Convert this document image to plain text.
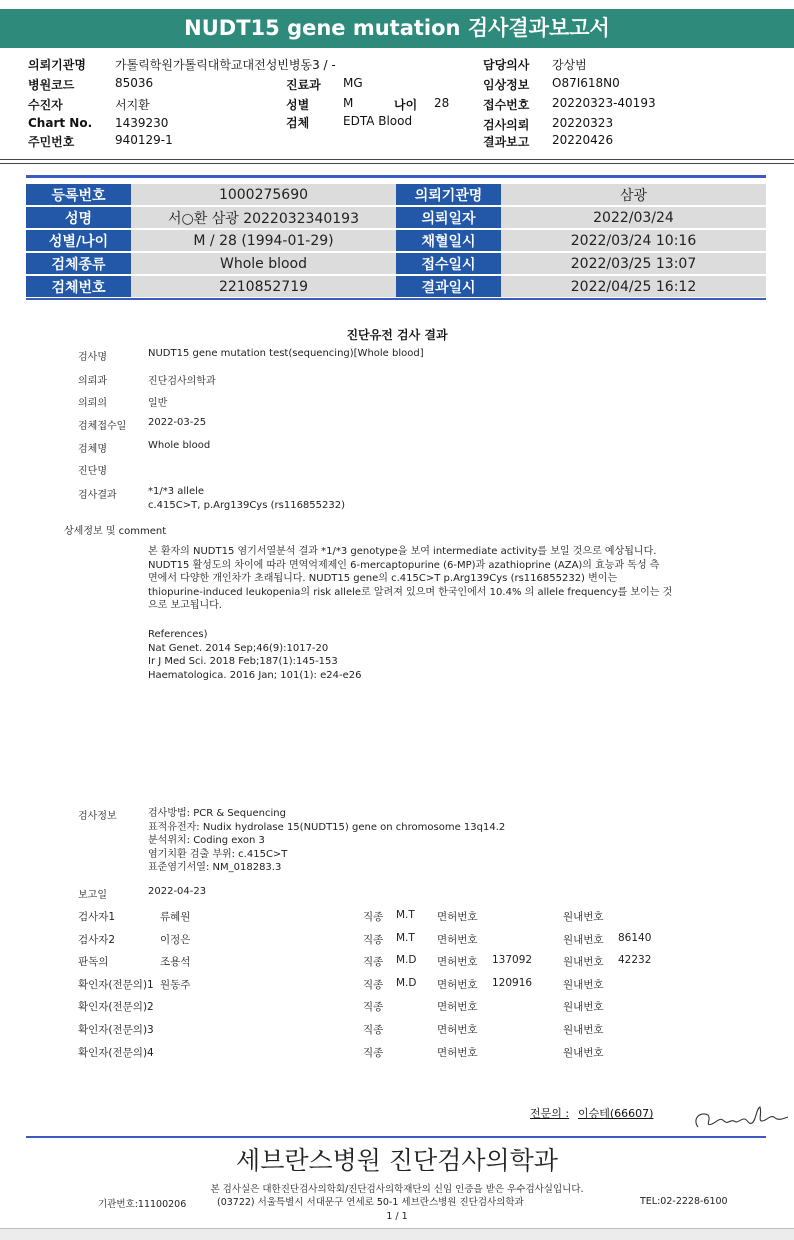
NUDT15 gene mutation 검사결과보고서
의뢰기관명 가톨릭학원가톨릭대학교대전성빈병동3 / -
병원코드	85036
수진자	서지환
Chart No. 1439230
주민번호	940129-1
진료과 MG
성별	M	나이 28
검체	EDTA Blood
담당의사 강상범
임상정보 O87I618N0
접수번호 20220323-40193
검사의뢰 20220323
결과보고 20220426
등록번호	1000275690	의뢰기관명	삼광
성명	서○환 삼광 2022032340193	의뢰일자	2022/03/24
성별/나이	M / 28 (1994-01-29)	채혈일시	2022/03/24 10:16
검체종류	Whole blood	접수일시	2022/03/25 13:07
검체번호	2210852719	결과일시	2022/04/25 16:12
진단유전 검사 결과
검사명	NUDT15 gene mutation test(sequencing)[Whole blood]
의뢰과	진단검사의학과
의뢰의	일반
검체접수일 2022-03-25
검체명	Whole blood
진단명
검사결과	*1/*3 allele
c.415C>T, p.Arg139Cys (rs116855232)
상세정보 및 comment
본 환자의 NUDT15 염기서열분석 결과 *1/*3 genotype을 보여 intermediate activity를 보일 것으로 예상됩니다.
NUDT15 활성도의 차이에 따라 면역억제제인 6-mercaptopurine (6-MP)과 azathioprine (AZA)의 효능과 독성 측
면에서 다양한 개인차가 초래됩니다. NUDT15 gene의 c.415C>T p.Arg139Cys (rs116855232) 변이는
thiopurine-induced leukopenia의 risk allele로 알려져 있으며 한국인에서 10.4% 의 allele frequency를 보이는 것
으로 보고됩니다.
References)
Nat Genet. 2014 Sep;46(9):1017-20
Ir J Med Sci. 2018 Feb;187(1):145-153
Haematologica. 2016 Jan; 101(1): e24-e26
검사정보	검사방법: PCR & Sequencing
표적유전자: Nudix hydrolase 15(NUDT15) gene on chromosome 13q14.2
분석위치: Coding exon 3
염기치환 검출 부위: c.415C>T
표준염기서열: NM_018283.3
보고일	2022-04-23
검사자1	류혜원	직종 M.T 면허번호	원내번호
검사자2	이정은	직종 M.T 면허번호	원내번호 86140
판독의	조용석	직종 M.D 면허번호 137092	원내번호 42232
확인자(전문의)1 원동주	직종 M.D 면허번호 120916	원내번호
확인자(전문의)2	직종	면허번호	원내번호
확인자(전문의)3	직종	면허번호	원내번호
확인자(전문의)4	직종	면허번호	원내번호
전문의 : 이승테(66607)
세브란스병원 진단검사의학과
본 검사실은 대한진단검사의학회/진단검사의학재단의 신임 인증을 받은 우수검사실입니다.
기관번호:11100206	(03722) 서울특별시 서대문구 연세로 50-1 세브란스병원 진단검사의학과	TEL:02-2228-6100
1 / 1
